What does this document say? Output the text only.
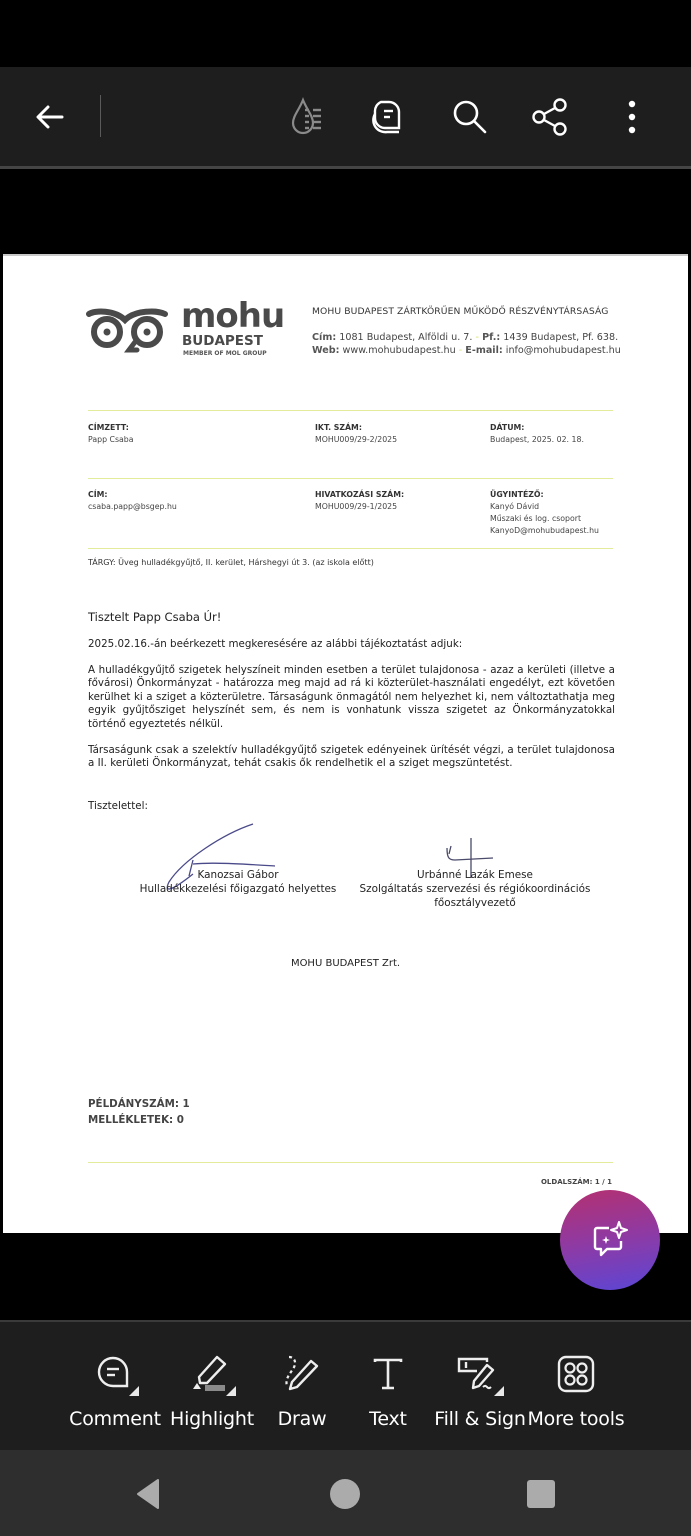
mohu
BUDAPEST
MEMBER OF MOL GROUP
MOHU BUDAPEST ZÁRTKÖRŰEN MŰKÖDŐ RÉSZVÉNYTÁRSASÁG
Cím: 1081 Budapest, Alföldi u. 7. - Pf.: 1439 Budapest, Pf. 638.
Web: www.mohubudapest.hu - E-mail: info@mohubudapest.hu
CÍMZETT:
Papp Csaba
IKT. SZÁM:
MOHU009/29-2/2025
DÁTUM:
Budapest, 2025. 02. 18.
CÍM:
csaba.papp@bsgep.hu
HIVATKOZÁSI SZÁM:
MOHU009/29-1/2025
ÜGYINTÉZŐ:
Kanyó Dávid
Műszaki és log. csoport
KanyoD@mohubudapest.hu
TÁRGY: Üveg hulladékgyűjtő, II. kerület, Hárshegyi út 3. (az iskola előtt)
Tisztelt Papp Csaba Úr!
2025.02.16.-án beérkezett megkeresésére az alábbi tájékoztatást adjuk:
A hulladékgyűjtő szigetek helyszíneit minden esetben a terület tulajdonosa - azaz a kerületi (illetve a fővárosi) Önkormányzat - határozza meg majd ad rá ki közterület-használati engedélyt, ezt követően kerülhet ki a sziget a közterületre. Társaságunk önmagától nem helyezhet ki, nem változtathatja meg egyik gyűjtősziget helyszínét sem, és nem is vonhatunk vissza szigetet az Önkormányzatokkal történő egyeztetés nélkül.
Társaságunk csak a szelektív hulladékgyűjtő szigetek edényeinek ürítését végzi, a terület tulajdonosa a II. kerületi Önkormányzat, tehát csakis ők rendelhetik el a sziget megszüntetést.
Tisztelettel:
Kanozsai Gábor
Hulladékkezelési főigazgató helyettes
Urbánné Lazák Emese
Szolgáltatás szervezési és régiókoordinációs főosztályvezető
MOHU BUDAPEST Zrt.
PÉLDÁNYSZÁM: 1
MELLÉKLETEK: 0
OLDALSZÁM: 1 / 1
Comment Highlight Draw Text Fill & Sign More tools
